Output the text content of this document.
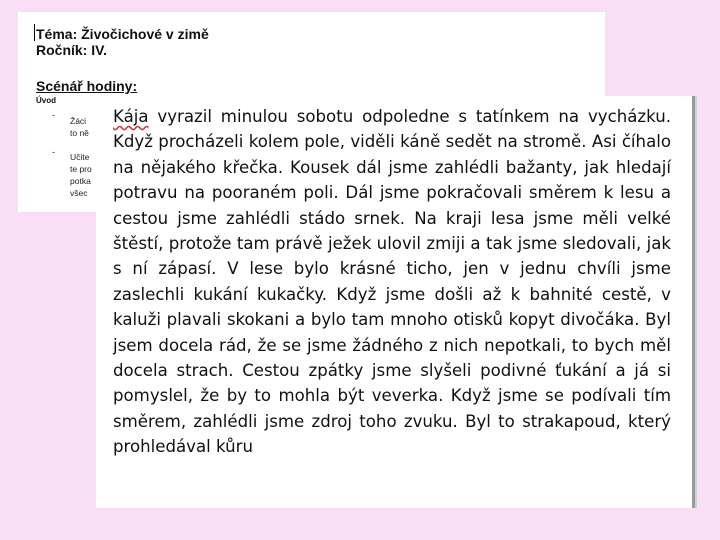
Téma: Živočichové v zimě
Ročník: IV.
Scénář hodiny:
Úvod
-
-
Žáci
to ně
Učite
te pro
potka
všec
Kája vyrazil minulou sobotu odpoledne s tatínkem na vycházku. Když procházeli kolem pole, viděli káně sedět na stromě. Asi číhalo na nějakého křečka. Kousek dál jsme zahlédli bažanty, jak hledají potravu na pooraném poli. Dál jsme pokračovali směrem k lesu a cestou jsme zahlédli stádo srnek. Na kraji lesa jsme měli velké štěstí, protože tam právě ježek ulovil zmiji a tak jsme sledovali, jak s ní zápasí. V lese bylo krásné ticho, jen v jednu chvíli jsme zaslechli kukání kukačky. Když jsme došli až k bahnité cestě, v kaluži plavali skokani a bylo tam mnoho otisků kopyt divočáka. Byl jsem docela rád, že se jsme žádného z nich nepotkali, to bych měl docela strach. Cestou zpátky jsme slyšeli podivné ťukání a já si pomyslel, že by to mohla být veverka. Když jsme se podívali tím směrem, zahlédli jsme zdroj toho zvuku. Byl to strakapoud, který prohledával kůru
